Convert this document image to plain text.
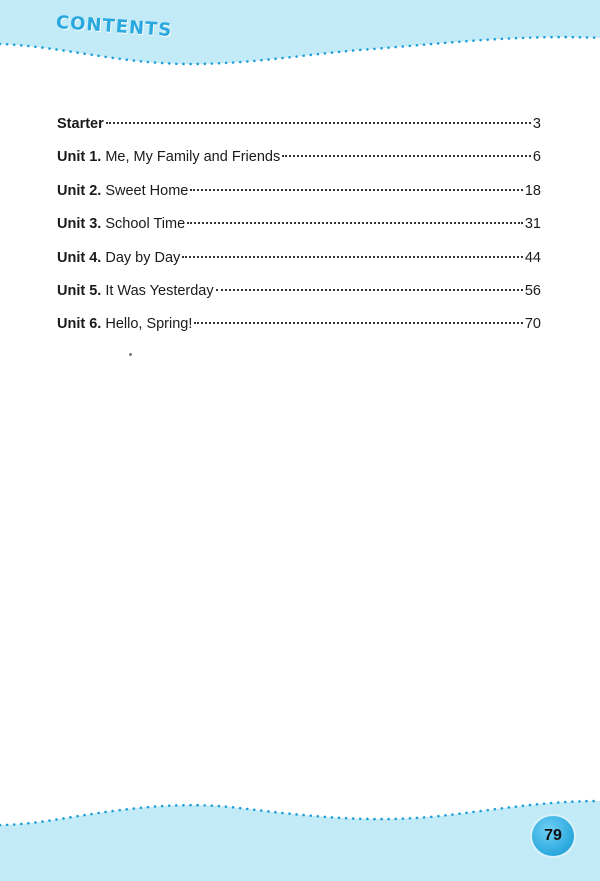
CONTENTS
Starter	3
Unit 1. Me, My Family and Friends	6
Unit 2. Sweet Home	18
Unit 3. School Time	31
Unit 4. Day by Day	44
Unit 5. It Was Yesterday	56
Unit 6. Hello, Spring!	70
79
